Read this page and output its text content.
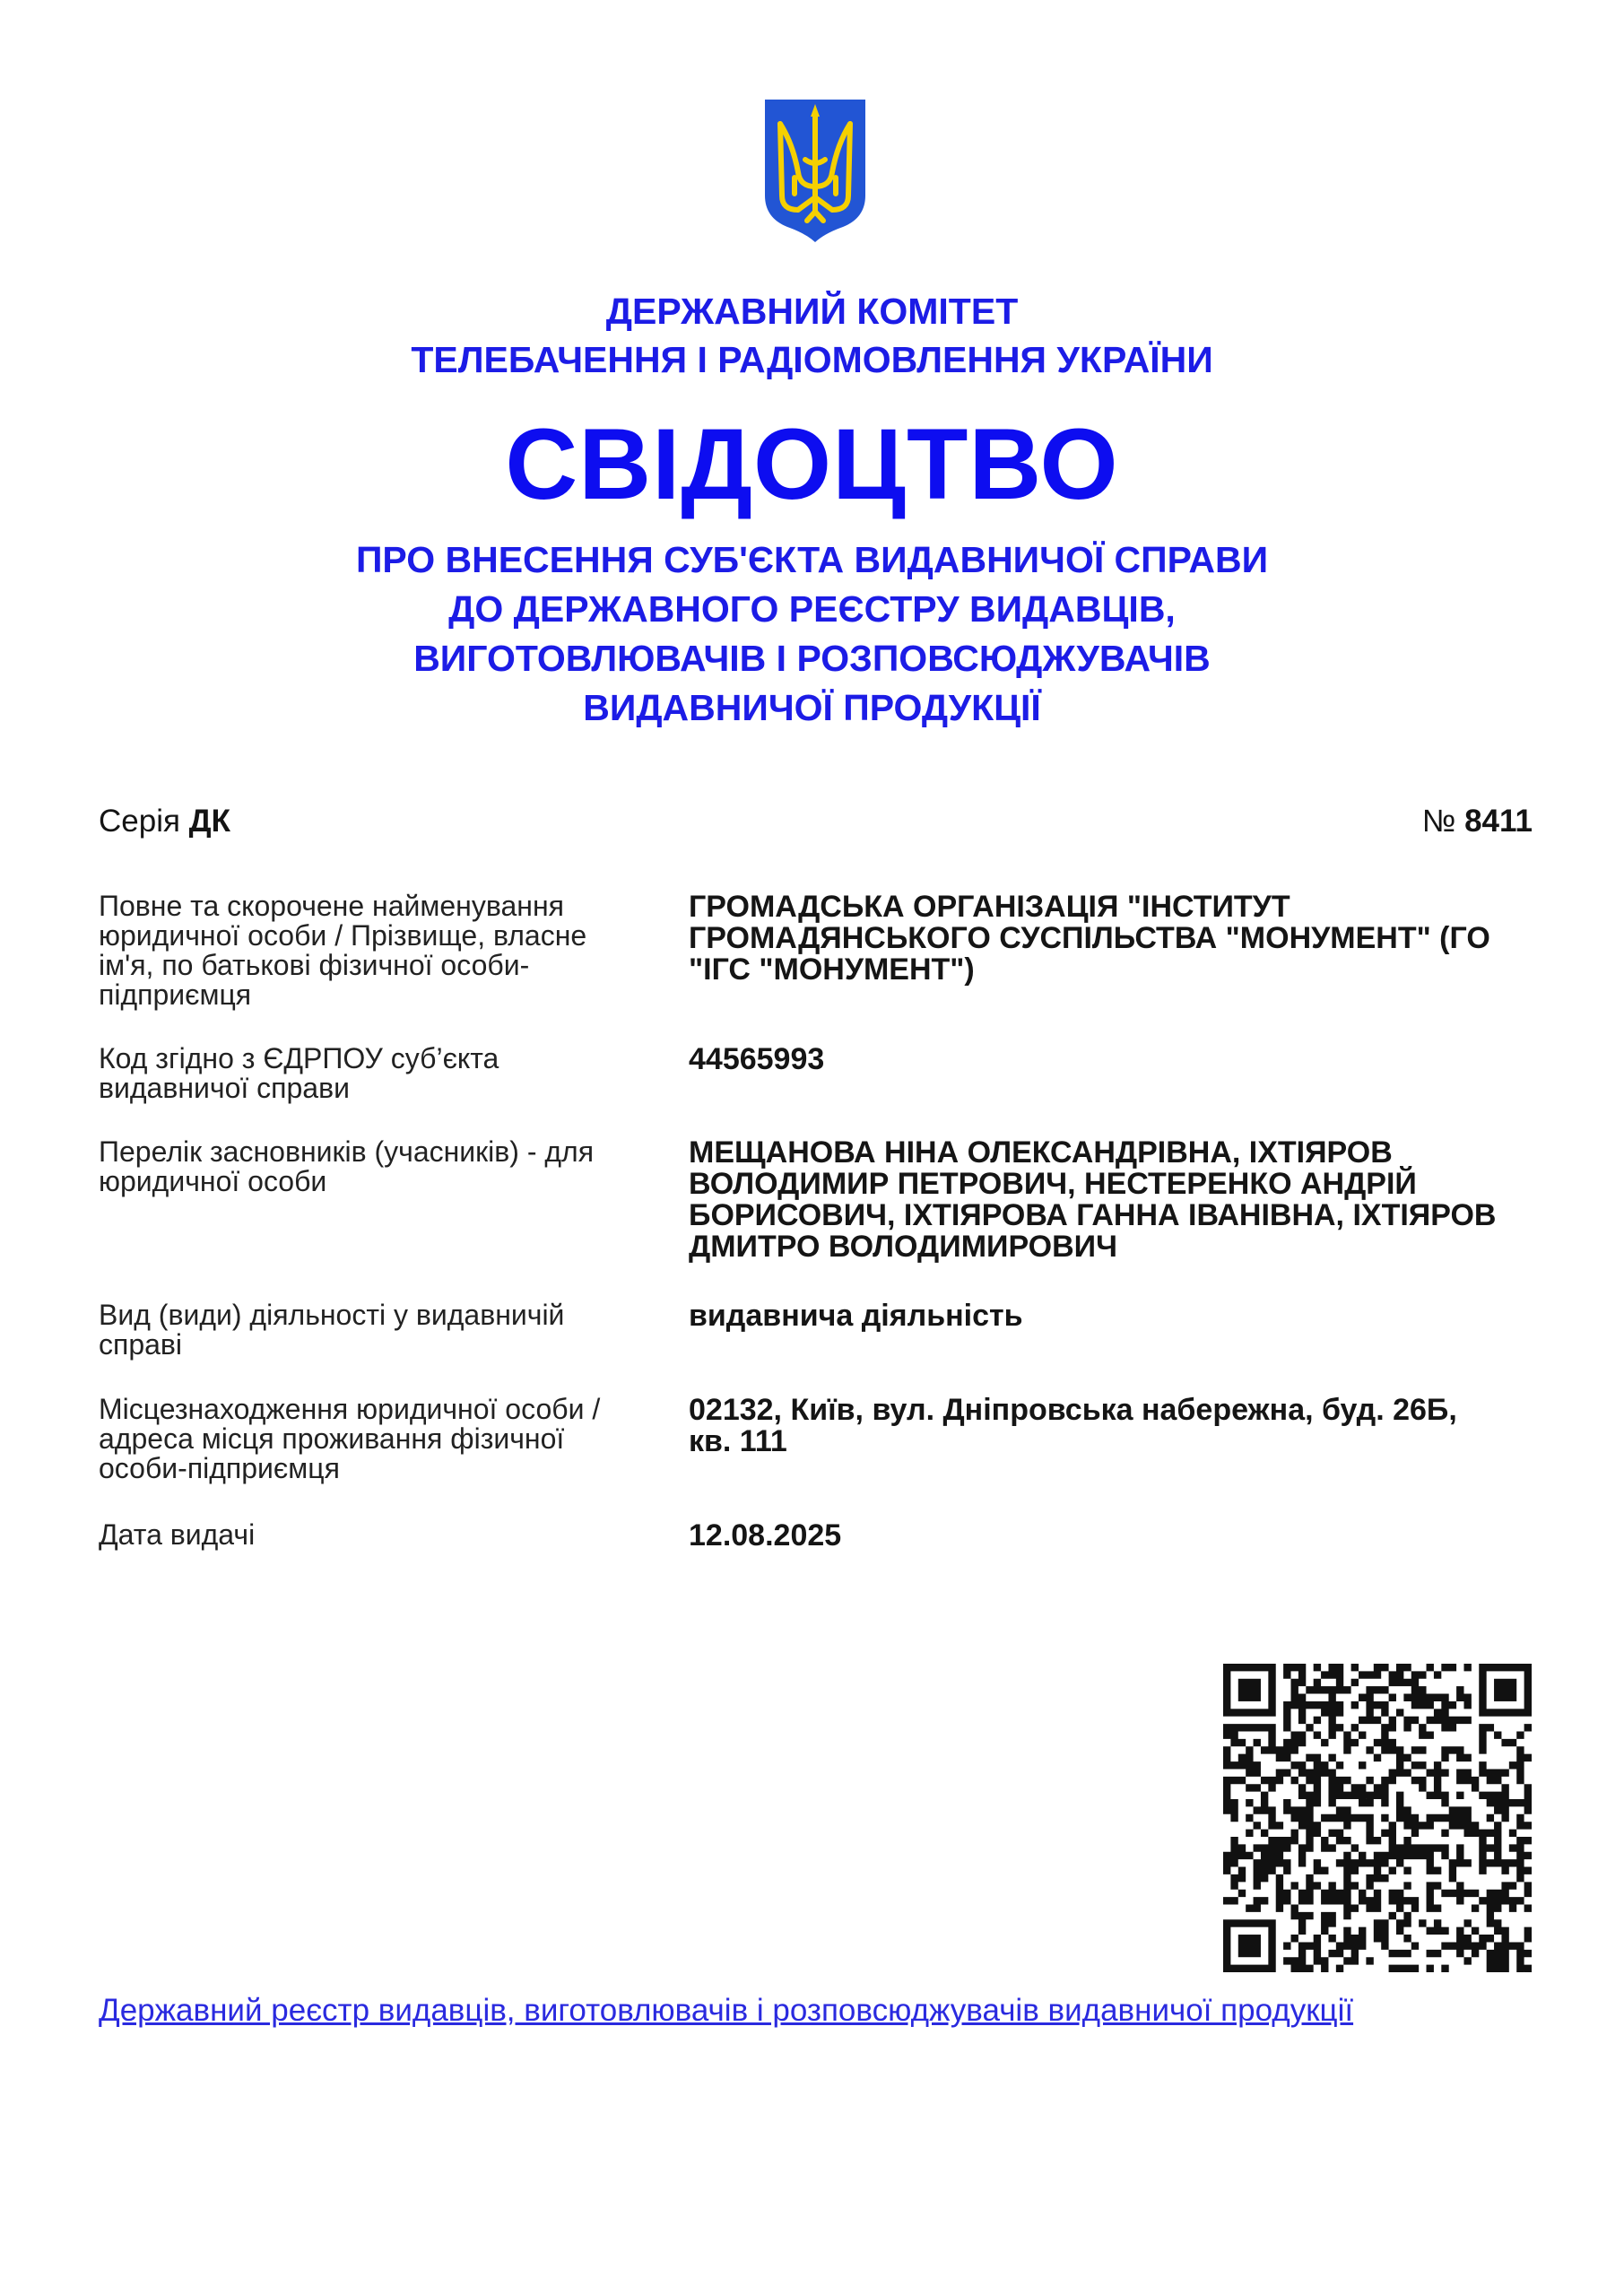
ДЕРЖАВНИЙ КОМІТЕТ
ТЕЛЕБАЧЕННЯ І РАДІОМОВЛЕННЯ УКРАЇНИ
СВІДОЦТВО
ПРО ВНЕСЕННЯ СУБ'ЄКТА ВИДАВНИЧОЇ СПРАВИ
ДО ДЕРЖАВНОГО РЕЄСТРУ ВИДАВЦІВ,
ВИГОТОВЛЮВАЧІВ І РОЗПОВСЮДЖУВАЧІВ
ВИДАВНИЧОЇ ПРОДУКЦІЇ
Серія ДК	№ 8411
Повне та скорочене найменування
юридичної особи / Прізвище, власне
ім'я, по батькові фізичної особи-
підприємця
ГРОМАДСЬКА ОРГАНІЗАЦІЯ "ІНСТИТУТ
ГРОМАДЯНСЬКОГО СУСПІЛЬСТВА "МОНУМЕНТ" (ГО
"ІГС "МОНУМЕНТ")
Код згідно з ЄДРПОУ суб’єкта
видавничої справи
44565993
Перелік засновників (учасників) - для
юридичної особи
МЕЩАНОВА НІНА ОЛЕКСАНДРІВНА, ІХТІЯРОВ
ВОЛОДИМИР ПЕТРОВИЧ, НЕСТЕРЕНКО АНДРІЙ
БОРИСОВИЧ, ІХТІЯРОВА ГАННА ІВАНІВНА, ІХТІЯРОВ
ДМИТРО ВОЛОДИМИРОВИЧ
Вид (види) діяльності у видавничій
справі
видавнича діяльність
Місцезнаходження юридичної особи /
адреса місця проживання фізичної
особи-підприємця
02132, Київ, вул. Дніпровська набережна, буд. 26Б,
кв. 111
Дата видачі	12.08.2025
Державний реєстр видавців, виготовлювачів і розповсюджувачів видавничої продукції
